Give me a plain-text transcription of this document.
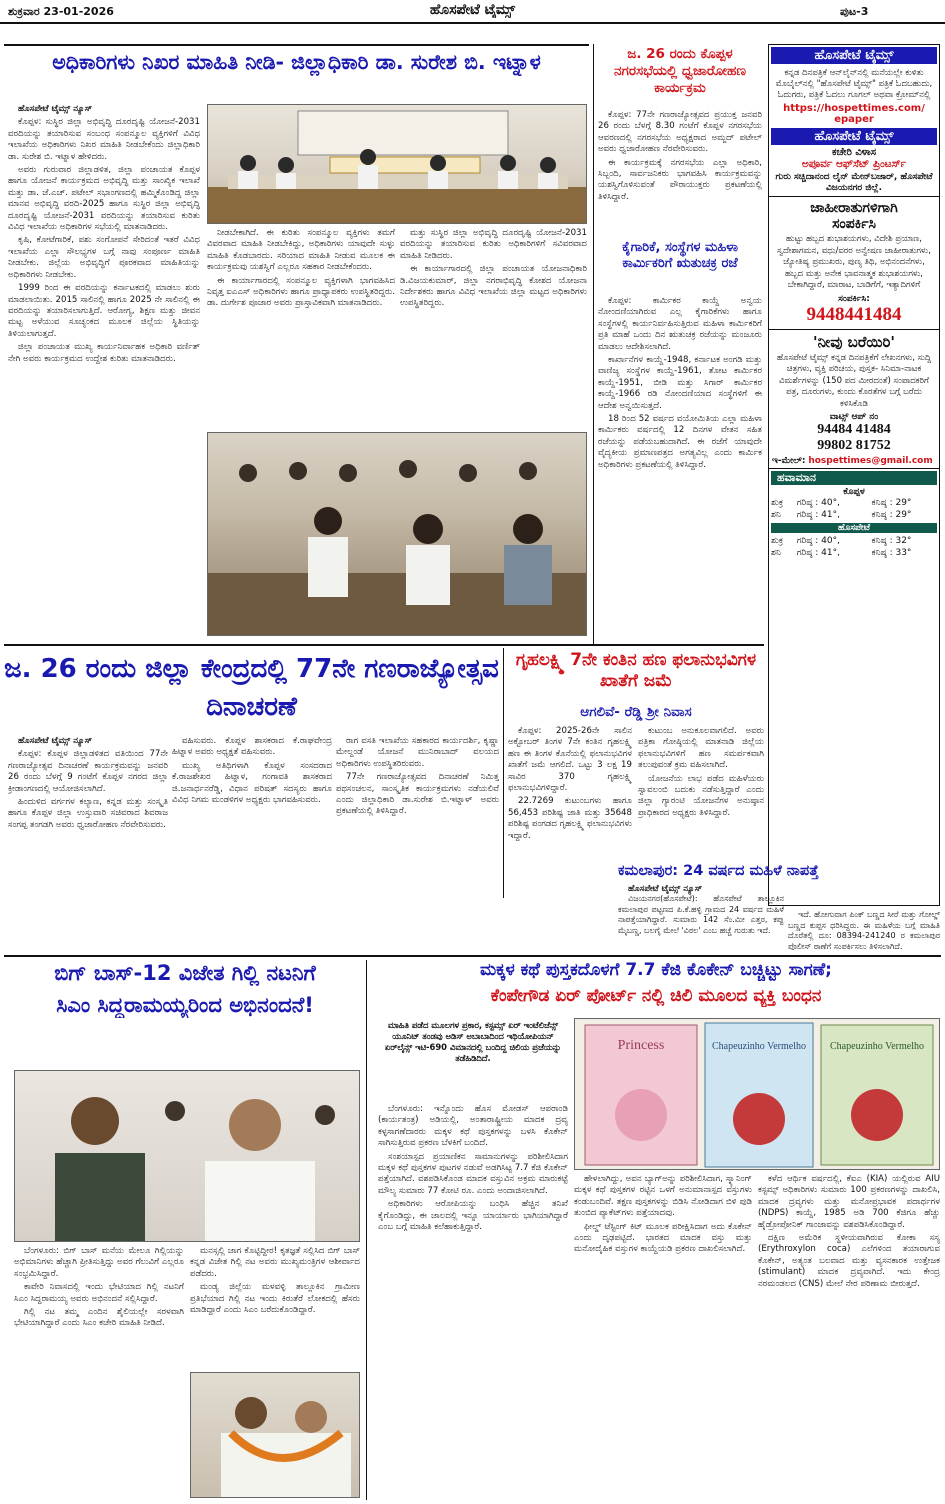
ಶುಕ್ರವಾರ 23-01-2026	ಹೊಸಪೇಟೆ ಟೈಮ್ಸ್	ಪುಟ-3
ಅಧಿಕಾರಿಗಳು ನಿಖರ ಮಾಹಿತಿ ನೀಡಿ- ಜಿಲ್ಲಾಧಿಕಾರಿ ಡಾ. ಸುರೇಶ ಬಿ. ಇಟ್ನಾಳ

ಹೊಸಪೇಟೆ ಟೈಮ್ಸ್ ನ್ಯೂಸ್

ಕೊಪ್ಪಳ: ಸುಸ್ಥಿರ ಜಿಲ್ಲಾ ಅಭಿವೃದ್ಧಿ ದೂರದೃಷ್ಟಿ ಯೋಜನೆ-2031 ವರದಿಯನ್ನು ತಯಾರಿಸುವ ಸಂಬಂಧ ಸಂಪನ್ಮೂಲ ವ್ಯಕ್ತಿಗಳಿಗೆ ವಿವಿಧ ಇಲಾಖೆಯ ಅಧಿಕಾರಿಗಳು ನಿಖರ ಮಾಹಿತಿ ನೀಡಬೇಕೆಂದು ಜಿಲ್ಲಾಧಿಕಾರಿ ಡಾ. ಸುರೇಶ ಬಿ. ಇಟ್ನಾಳ ಹೇಳಿದರು.

ಅವರು ಗುರುವಾರ ಜಿಲ್ಲಾಡಳಿತ, ಜಿಲ್ಲಾ ಪಂಚಾಯತ ಕೊಪ್ಪಳ ಹಾಗೂ ಯೋಜನೆ ಕಾರ್ಯಕ್ರಮದ ಅಭಿವೃದ್ಧಿ ಮತ್ತು ಸಾಂಖ್ಯಿಕ ಇಲಾಖೆ ಮತ್ತು ಡಾ. ಜೆ.ಎಚ್. ಪಟೇಲ್ ಸಭಾಂಗಣದಲ್ಲಿ ಹಮ್ಮಿಕೊಂಡಿದ್ದ ಜಿಲ್ಲಾ ಮಾನವ ಅಭಿವೃದ್ಧಿ ವರದಿ-2025 ಹಾಗೂ ಸುಸ್ಥಿರ ಜಿಲ್ಲಾ ಅಭಿವೃದ್ಧಿ ದೂರದೃಷ್ಟಿ ಯೋಜನೆ-2031 ವರದಿಯನ್ನು ತಯಾರಿಸುವ ಕುರಿತು ವಿವಿಧ ಇಲಾಖೆಯ ಅಧಿಕಾರಿಗಳ ಸಭೆಯಲ್ಲಿ ಮಾತನಾಡಿದರು.

ಕೃಷಿ, ಕೋಟೆಗಾರಿಕೆ, ಪಶು ಸಂಗೋಪನೆ ಸೇರಿದಂತೆ ಇತರೆ ವಿವಿಧ ಇಲಾಖೆಯ ಎಲ್ಲಾ ಸೌಲಭ್ಯಗಳ ಬಗ್ಗೆ ನಾವು ಸಂಪೂರ್ಣ ಮಾಹಿತಿ ನೀಡಬೇಕು. ಜಿಲ್ಲೆಯ ಅಭಿವೃದ್ಧಿಗೆ ಪೂರಕವಾದ ಮಾಹಿತಿಯನ್ನು ಅಧಿಕಾರಿಗಳು ನೀಡಬೇಕು.

1999 ರಿಂದ ಈ ವರದಿಯನ್ನು ಕರ್ನಾಟಕದಲ್ಲಿ ಮಾಡಲು ಶುರು ಮಾಡಲಾಯಿತು. 2015 ಸಾಲಿನಲ್ಲಿ ಹಾಗೂ 2025 ನೇ ಸಾಲಿನಲ್ಲಿ ಈ ವರದಿಯನ್ನು ತಯಾರಿಸಲಾಗುತ್ತಿದೆ. ಆರೋಗ್ಯ, ಶಿಕ್ಷಣ ಮತ್ತು ಜೀವನ ಮಟ್ಟ ಅಳೆಯುವ ಸೂಚ್ಯಂಕದ ಮೂಲಕ ಜಿಲ್ಲೆಯ ಸ್ಥಿತಿಯನ್ನು ತಿಳಿಯಲಾಗುತ್ತದೆ.

ಜಿಲ್ಲಾ ಪಂಚಾಯತ ಮುಖ್ಯ ಕಾರ್ಯನಿರ್ವಾಹಕ ಅಧಿಕಾರಿ ವರ್ಣಿತ್ ನೇಗಿ ಅವರು ಕಾರ್ಯಕ್ರಮದ ಉದ್ದೇಶ ಕುರಿತು ಮಾತನಾಡಿದರು.

ನೀಡಬೇಕಾಗಿದೆ. ಈ ಕುರಿತು ಸಂಪನ್ಮೂಲ ವ್ಯಕ್ತಿಗಳು ತಮಗೆ ವಿವರವಾದ ಮಾಹಿತಿ ನೀಡಬೇಕಿದ್ದು, ಅಧಿಕಾರಿಗಳು ಯಾವುದೇ ಸುಳ್ಳು ಮಾಹಿತಿ ಕೊಡಬಾರದು. ಸರಿಯಾದ ಮಾಹಿತಿ ನೀಡುವ ಮೂಲಕ ಈ ಕಾರ್ಯಕ್ರಮವು ಯಶಸ್ವಿಗೆ ಎಲ್ಲರೂ ಸಹಕಾರ ನೀಡಬೇಕೆಂದರು.

ಈ ಕಾರ್ಯಾಗಾರದಲ್ಲಿ ಸಂಪನ್ಮೂಲ ವ್ಯಕ್ತಿಗಳಾಗಿ ಭಾಗವಹಿಸಿದ ನಿವೃತ್ತ ಐಎಎಸ್ ಅಧಿಕಾರಿಗಳು ಹಾಗೂ ಪ್ರಾಧ್ಯಾಪಕರು ಉಪಸ್ಥಿತರಿದ್ದರು. ಡಾ. ದುರ್ಗೇಶ ಪೂಜಾರ ಅವರು ಪ್ರಾಸ್ತಾವಿಕವಾಗಿ ಮಾತನಾಡಿದರು.

ಮತ್ತು ಸುಸ್ಥಿರ ಜಿಲ್ಲಾ ಅಭಿವೃದ್ಧಿ ದೂರದೃಷ್ಟಿ ಯೋಜನೆ-2031 ವರದಿಯನ್ನು ತಯಾರಿಸುವ ಕುರಿತು ಅಧಿಕಾರಿಗಳಿಗೆ ಸವಿವರವಾದ ಮಾಹಿತಿ ನೀಡಿದರು.

ಈ ಕಾರ್ಯಾಗಾರದಲ್ಲಿ ಜಿಲ್ಲಾ ಪಂಚಾಯತ ಯೋಜನಾಧಿಕಾರಿ ಡಿ.ವಿಜಯಕುಮಾರ್, ಜಿಲ್ಲಾ ನಗರಾಭಿವೃದ್ಧಿ ಕೋಶದ ಯೋಜನಾ ನಿರ್ದೇಶಕರು ಹಾಗೂ ವಿವಿಧ ಇಲಾಖೆಯ ಜಿಲ್ಲಾ ಮಟ್ಟದ ಅಧಿಕಾರಿಗಳು ಉಪಸ್ಥಿತರಿದ್ದರು.

ಜ. 26 ರಂದು ಕೊಪ್ಪಳ ನಗರಸಭೆಯಲ್ಲಿ ಧ್ವಜಾರೋಹಣ ಕಾರ್ಯಕ್ರಮ

ಕೊಪ್ಪಳ: 77ನೇ ಗಣರಾಜ್ಯೋತ್ಸವದ ಪ್ರಯುಕ್ತ ಜನವರಿ 26 ರಂದು ಬೆಳಗ್ಗೆ 8.30 ಗಂಟೆಗೆ ಕೊಪ್ಪಳ ನಗರಸಭೆಯ ಆವರಣದಲ್ಲಿ ನಗರಸಭೆಯ ಅಧ್ಯಕ್ಷರಾದ ಅಮ್ಜದ್ ಪಟೇಲ್ ಅವರು ಧ್ವಜಾರೋಹಣ ನೆರವೇರಿಸುವರು.

ಈ ಕಾರ್ಯಕ್ರಮಕ್ಕೆ ನಗರಸಭೆಯ ಎಲ್ಲಾ ಅಧಿಕಾರಿ, ಸಿಬ್ಬಂದಿ, ಸಾರ್ವಜನಿಕರು ಭಾಗವಹಿಸಿ ಕಾರ್ಯಕ್ರಮವನ್ನು ಯಶಸ್ವಿಗೊಳಿಸುವಂತೆ ಪೌರಾಯುಕ್ತರು ಪ್ರಕಟಣೆಯಲ್ಲಿ ತಿಳಿಸಿದ್ದಾರೆ.

ಕೈಗಾರಿಕೆ, ಸಂಸ್ಥೆಗಳ ಮಹಿಳಾ ಕಾರ್ಮಿಕರಿಗೆ ಋತುಚಕ್ರ ರಜೆ

ಕೊಪ್ಪಳ: ಕಾರ್ಮಿಕರ ಕಾಯ್ದೆ ಅನ್ವಯ ನೋಂದಣಿಯಾಗಿರುವ ಎಲ್ಲ ಕೈಗಾರಿಕೆಗಳು ಹಾಗೂ ಸಂಸ್ಥೆಗಳಲ್ಲಿ ಕಾರ್ಯನಿರ್ವಹಿಸುತ್ತಿರುವ ಮಹಿಳಾ ಕಾರ್ಮಿಕರಿಗೆ ಪ್ರತಿ ಮಾಹೆ ಒಂದು ದಿನ ಋತುಚಕ್ರ ರಜೆಯನ್ನು ಮಂಜೂರು ಮಾಡಲು ಆದೇಶಿಸಲಾಗಿದೆ.

ಕಾರ್ಖಾನೆಗಳ ಕಾಯ್ದೆ-1948, ಕರ್ನಾಟಕ ಅಂಗಡಿ ಮತ್ತು ವಾಣಿಜ್ಯ ಸಂಸ್ಥೆಗಳ ಕಾಯ್ದೆ-1961, ತೋಟ ಕಾರ್ಮಿಕರ ಕಾಯ್ದೆ-1951, ಬೀಡಿ ಮತ್ತು ಸಿಗಾರ್ ಕಾರ್ಮಿಕರ ಕಾಯ್ದೆ-1966 ರಡಿ ನೋಂದಣಿಯಾದ ಸಂಸ್ಥೆಗಳಿಗೆ ಈ ಆದೇಶ ಅನ್ವಯಿಸುತ್ತದೆ.

18 ರಿಂದ 52 ವರ್ಷದ ವಯೋಮಿತಿಯ ಎಲ್ಲಾ ಮಹಿಳಾ ಕಾರ್ಮಿಕರು ವರ್ಷದಲ್ಲಿ 12 ದಿನಗಳ ವೇತನ ಸಹಿತ ರಜೆಯನ್ನು ಪಡೆಯಬಹುದಾಗಿದೆ. ಈ ರಜೆಗೆ ಯಾವುದೇ ವೈದ್ಯಕೀಯ ಪ್ರಮಾಣಪತ್ರದ ಅಗತ್ಯವಿಲ್ಲ ಎಂದು ಕಾರ್ಮಿಕ ಅಧಿಕಾರಿಗಳು ಪ್ರಕಟಣೆಯಲ್ಲಿ ತಿಳಿಸಿದ್ದಾರೆ.

ಹೊಸಪೇಟೆ ಟೈಮ್ಸ್
ಕನ್ನಡ ದಿನಪತ್ರಿಕೆ ಆನ್‌ಲೈನ್‌ನಲ್ಲಿ ಮನೆಯಲ್ಲೇ ಕುಳಿತು ಮೊಬೈಲ್‌ನಲ್ಲಿ "ಹೊಸಪೇಟೆ ಟೈಮ್ಸ್" ಪತ್ರಿಕೆ ಓದಬಹುದು, ಓದುಗರು, ಪತ್ರಿಕೆ ಓದಲು ಗೂಗಲ್ ಅಥವಾ ಕ್ರೋಮ್‌ನಲ್ಲಿ
https://hospettimes.com/
epaper
ಹೊಸಪೇಟೆ ಟೈಮ್ಸ್
ಕಚೇರಿ ವಿಳಾಸ
ಅಪೂರ್ವ ಆಫ್‌ಸೆಟ್ ಪ್ರಿಂಟರ್ಸ್
ಗುರು ಸಚ್ಚಿದಾನಂದ ಲೈನ್ ಮೇನ್‌ಬಜಾರ್, ಹೊಸಪೇಟೆ
ವಿಜಯನಗರ ಜಿಲ್ಲೆ.
ಜಾಹೀರಾತುಗಳಿಗಾಗಿ
ಸಂಪರ್ಕಿಸಿ
ಹುಟ್ಟು ಹಬ್ಬದ ಶುಭಾಶಯಗಳು, ವಿದೇಶಿ ಪ್ರಯಾಣ, ಸ್ವದೇಶಾಗಮನ, ವಧು/ವರರ ಅನ್ವೇಷಣ ಜಾಹೀರಾತುಗಳು, ಜ್ಯೋತಿಷ್ಯ ಪ್ರಮುಖರು, ಪುಣ್ಯ ತಿಥಿ, ಅಭಿನಂದನೆಗಳು, ಹಬ್ಬದ ಮತ್ತು ಅನೇಕ ಭಾವನಾತ್ಮಕ ಶುಭಾಶಯಗಳು, ಬೇಕಾಗಿದ್ದಾರೆ, ಮಾರಾಟ, ಬಾಡಿಗೆಗೆ, ಇತ್ಯಾದಿಗಳಿಗೆ
ಸಂಪರ್ಕಿಸಿ:
9448441484
'ನೀವು ಬರೆಯಿರಿ'
ಹೊಸಪೇಟೆ ಟೈಮ್ಸ್ ಕನ್ನಡ ದಿನಪತ್ರಿಕೆಗೆ ಲೇಖನಗಳು, ಸುದ್ದಿ ಚಿತ್ರಗಳು, ವ್ಯಕ್ತಿ ಪರಿಚಯ, ಪುಸ್ತಕ- ಸಿನಿಮಾ-ನಾಟಕ ವಿಮರ್ಶೆಗಳನ್ನು (150 ಪದ ಮೀರದಂತೆ) ಸಂಪಾದಕರಿಗೆ ಪತ್ರ, ದೂರುಗಳು, ಕುಂದು ಕೊರತೆಗಳ ಬಗ್ಗೆ ಬರೆದು ಕಳಿಸಿಕೊಡಿ
ವಾಟ್ಸ್ ಆಪ್ ನಂ
94484 41484
99802 81752
ಇ-ಮೇಲ್: hospettimes@gmail.com
ಹವಾಮಾನ
ಕೊಪ್ಪಳ
ಶುಕ್ರ	ಗರಿಷ್ಠ : 40°,	ಕನಿಷ್ಠ : 29°
ಶನಿ	ಗರಿಷ್ಠ : 41°,	ಕನಿಷ್ಠ : 29°
ಹೊಸಪೇಟೆ
ಶುಕ್ರ	ಗರಿಷ್ಠ : 40°,	ಕನಿಷ್ಠ : 32°
ಶನಿ	ಗರಿಷ್ಠ : 41°,	ಕನಿಷ್ಠ : 33°
ಜ. 26 ರಂದು ಜಿಲ್ಲಾ ಕೇಂದ್ರದಲ್ಲಿ 77ನೇ ಗಣರಾಜ್ಯೋತ್ಸವ ದಿನಾಚರಣೆ

ಹೊಸಪೇಟೆ ಟೈಮ್ಸ್ ನ್ಯೂಸ್

ಕೊಪ್ಪಳ: ಕೊಪ್ಪಳ ಜಿಲ್ಲಾಡಳಿತದ ವತಿಯಿಂದ 77ನೇ ಗಣರಾಜ್ಯೋತ್ಸವ ದಿನಾಚರಣೆ ಕಾರ್ಯಕ್ರಮವನ್ನು ಜನವರಿ 26 ರಂದು ಬೆಳಗ್ಗೆ 9 ಗಂಟೆಗೆ ಕೊಪ್ಪಳ ನಗರದ ಜಿಲ್ಲಾ ಕ್ರೀಡಾಂಗಣದಲ್ಲಿ ಆಯೋಜಿಸಲಾಗಿದೆ.

ಹಿಂದುಳಿದ ವರ್ಗಗಳ ಕಲ್ಯಾಣ, ಕನ್ನಡ ಮತ್ತು ಸಂಸ್ಕೃತಿ ಹಾಗೂ ಕೊಪ್ಪಳ ಜಿಲ್ಲಾ ಉಸ್ತುವಾರಿ ಸಚಿವರಾದ ಶಿವರಾಜ ಸಂಗಪ್ಪ ತಂಗಡಗಿ ಅವರು ಧ್ವಜಾರೋಹಣ ನೆರವೇರಿಸುವರು.

ವಹಿಸುವರು. ಕೊಪ್ಪಳ ಶಾಸಕರಾದ ಕೆ.ರಾಘವೇಂದ್ರ ಹಿಟ್ನಾಳ ಅವರು ಅಧ್ಯಕ್ಷತೆ ವಹಿಸುವರು.

ಮುಖ್ಯ ಅತಿಥಿಗಳಾಗಿ ಕೊಪ್ಪಳ ಸಂಸದರಾದ ಕೆ.ರಾಜಶೇಖರ ಹಿಟ್ನಾಳ, ಗಂಗಾವತಿ ಶಾಸಕರಾದ ಜಿ.ಜನಾರ್ಧನರೆಡ್ಡಿ, ವಿಧಾನ ಪರಿಷತ್ ಸದಸ್ಯರು ಹಾಗೂ ವಿವಿಧ ನಿಗಮ ಮಂಡಳಿಗಳ ಅಧ್ಯಕ್ಷರು ಭಾಗವಹಿಸುವರು.

ರಾಗ ವಸತಿ ಇಲಾಖೆಯ ಸಹಕಾರದ ಕಾರ್ಯದರ್ಶಿ, ಕೃಷ್ಣಾ ಮೇಲ್ದಂಡೆ ಯೋಜನೆ ಮುನಿರಾಬಾದ್ ವಲಯದ ಅಧಿಕಾರಿಗಳು ಉಪಸ್ಥಿತರಿರುವರು.

77ನೇ ಗಣರಾಜ್ಯೋತ್ಸವದ ದಿನಾಚರಣೆ ನಿಮಿತ್ತ ಪಥಸಂಚಲನ, ಸಾಂಸ್ಕೃತಿಕ ಕಾರ್ಯಕ್ರಮಗಳು ನಡೆಯಲಿವೆ ಎಂದು ಜಿಲ್ಲಾಧಿಕಾರಿ ಡಾ.ಸುರೇಶ ಬಿ.ಇಟ್ನಾಳ್ ಅವರು ಪ್ರಕಟಣೆಯಲ್ಲಿ ತಿಳಿಸಿದ್ದಾರೆ.

ಗೃಹಲಕ್ಷ್ಮಿ 7ನೇ ಕಂತಿನ ಹಣ ಫಲಾನುಭವಿಗಳ ಖಾತೆಗೆ ಜಮೆ
ಆಗಲಿವೆ- ರೆಡ್ಡಿ ಶ್ರೀ ನಿವಾಸ

ಕೊಪ್ಪಳ: 2025-26ನೇ ಸಾಲಿನ ಅಕ್ಟೋಬರ್ ತಿಂಗಳ 7ನೇ ಕಂತಿನ ಗೃಹಲಕ್ಷ್ಮಿ ಹಣ ಈ ತಿಂಗಳ ಕೊನೆಯಲ್ಲಿ ಫಲಾನುಭವಿಗಳ ಖಾತೆಗೆ ಜಮೆ ಆಗಲಿದೆ. ಒಟ್ಟು 3 ಲಕ್ಷ 19 ಸಾವಿರ 370 ಗೃಹಲಕ್ಷ್ಮಿ ಫಲಾನುಭವಿಗಳಿದ್ದಾರೆ.

22.7269 ಕುಟುಂಬಗಳು ಹಾಗೂ 56,453 ಪರಿಶಿಷ್ಟ ಜಾತಿ ಮತ್ತು 35648 ಪರಿಶಿಷ್ಟ ಪಂಗಡದ ಗೃಹಲಕ್ಷ್ಮಿ ಫಲಾನುಭವಿಗಳು ಇದ್ದಾರೆ.

ಕುಟುಂಬ ಅನುಕೂಲವಾಗಲಿದೆ. ಅವರು ಪತ್ರಿಕಾ ಗೋಷ್ಠಿಯಲ್ಲಿ ಮಾತನಾಡಿ ಜಿಲ್ಲೆಯ ಫಲಾನುಭವಿಗಳಿಗೆ ಹಣ ಸಮರ್ಪಕವಾಗಿ ತಲುಪುವಂತೆ ಕ್ರಮ ವಹಿಸಲಾಗಿದೆ.

ಯೋಜನೆಯ ಲಾಭ ಪಡೆದ ಮಹಿಳೆಯರು ಸ್ವಾವಲಂಬಿ ಬದುಕು ನಡೆಸುತ್ತಿದ್ದಾರೆ ಎಂದು ಜಿಲ್ಲಾ ಗ್ಯಾರಂಟಿ ಯೋಜನೆಗಳ ಅನುಷ್ಠಾನ ಪ್ರಾಧಿಕಾರದ ಅಧ್ಯಕ್ಷರು ತಿಳಿಸಿದ್ದಾರೆ.

ಕಮಲಾಪುರ: 24 ವರ್ಷದ ಮಹಿಳೆ ನಾಪತ್ತೆ

ಹೊಸಪೇಟೆ ಟೈಮ್ಸ್ ನ್ಯೂಸ್

ವಿಜಯನಗರ(ಹೊಸಪೇಟೆ): ಹೊಸಪೇಟೆ ತಾಲ್ಲೂಕಿನ ಕಮಲಾಪುರ ಪಟ್ಟಣದ ಪಿ.ಕೆ.ಹಳ್ಳಿ ಗ್ರಾಮದ 24 ವರ್ಷದ ಮಹಿಳೆ ನಾಪತ್ತೆಯಾಗಿದ್ದಾರೆ. ಸುಮಾರು 142 ಸೆಂ.ಮೀ ಎತ್ತರ, ಕಪ್ಪು ಮೈಬಣ್ಣ, ಬಲಗೈ ಮೇಲೆ 'ವಿಠಲ' ಎಂಬ ಹಚ್ಚೆ ಗುರುತು ಇದೆ.

ಇದೆ. ಹೋಗುವಾಗ ಪಿಂಕ್ ಬಣ್ಣದ ಸೀರೆ ಮತ್ತು ಗೋಲ್ಡ್ ಬಣ್ಣದ ಕುಪ್ಪಸ ಧರಿಸಿದ್ದರು. ಈ ಮಹಿಳೆಯ ಬಗ್ಗೆ ಮಾಹಿತಿ ದೊರೆತಲ್ಲಿ ದೂ: 08394-241240 ರ ಕಮಲಾಪುರ ಪೊಲೀಸ್ ಠಾಣೆಗೆ ಸಂಪರ್ಕಿಸಲು ತಿಳಿಸಲಾಗಿದೆ.

ಬಿಗ್ ಬಾಸ್-12 ವಿಜೇತ ಗಿಲ್ಲಿ ನಟನಿಗೆ
ಸಿಎಂ ಸಿದ್ದರಾಮಯ್ಯರಿಂದ ಅಭಿನಂದನೆ!

ಬೆಂಗಳೂರು: ಬಿಗ್ ಬಾಸ್ ಮನೆಯ ಮೇಲೂ ಗಿಲ್ಲಿಯನ್ನು ಅಭಿಮಾನಿಗಳು ಹೆಚ್ಚಾಗಿ ಪ್ರೀತಿಸುತ್ತಿದ್ದು ಅವರ ಗೆಲುವಿಗೆ ಎಲ್ಲರೂ ಸಂಭ್ರಮಿಸಿದ್ದಾರೆ.

ಕಾವೇರಿ ನಿವಾಸದಲ್ಲಿ ಇಂದು ಭೇಟಿಯಾದ ಗಿಲ್ಲಿ ನಟನಿಗೆ ಸಿಎಂ ಸಿದ್ದರಾಮಯ್ಯ ಅವರು ಅಭಿನಂದನೆ ಸಲ್ಲಿಸಿದ್ದಾರೆ.

ಗಿಲ್ಲಿ ನಟ ತಮ್ಮ ಎಂದಿನ ಶೈಲಿಯಲ್ಲೇ ಸರಳವಾಗಿ ಭೇಟಿಯಾಗಿದ್ದಾರೆ ಎಂದು ಸಿಎಂ ಕಚೇರಿ ಮಾಹಿತಿ ನೀಡಿದೆ.

ಮನಸ್ಸಲ್ಲಿ ಜಾಗ ಕೊಟ್ಟಿದ್ದೀರ! ಕೃತಜ್ಞತೆ ಸಲ್ಲಿಸಿದ ಬಿಗ್ ಬಾಸ್ ಕನ್ನಡ ವಿಜೇತ ಗಿಲ್ಲಿ ನಟ ಅವರು ಮುಖ್ಯಮಂತ್ರಿಗಳ ಆಶೀರ್ವಾದ ಪಡೆದರು.

ಮಂಡ್ಯ ಜಿಲ್ಲೆಯ ಮಳವಳ್ಳಿ ತಾಲ್ಲೂಕಿನ ಗ್ರಾಮೀಣ ಪ್ರತಿಭೆಯಾದ ಗಿಲ್ಲಿ ನಟ ಇಂದು ಕಿರುತೆರೆ ಲೋಕದಲ್ಲಿ ಹೆಸರು ಮಾಡಿದ್ದಾರೆ ಎಂದು ಸಿಎಂ ಬರೆದುಕೊಂಡಿದ್ದಾರೆ.

ಮಕ್ಕಳ ಕಥೆ ಪುಸ್ತಕದೊಳಗೆ 7.7 ಕೆಜಿ ಕೊಕೇನ್ ಬಚ್ಚಿಟ್ಟು ಸಾಗಣೆ;
ಕೆಂಪೇಗೌಡ ಏರ್ ಪೋರ್ಟ್ ನಲ್ಲಿ ಚಿಲಿ ಮೂಲದ ವ್ಯಕ್ತಿ ಬಂಧನ
ಮಾಹಿತಿ ಪಡೆದ ಮೂಲಗಳ ಪ್ರಕಾರ, ಕಸ್ಟಮ್ಸ್ ಏರ್ ಇಂಟೆಲಿಜೆನ್ಸ್ ಯೂನಿಟ್ ತಂಡವು ಅಡಿಸ್ ಅಬಾಬಾದಿಂದ ಇಥಿಯೋಪಿಯನ್ ಏರ್‌ಲೈನ್ಸ್ ಇಟಿ-690 ವಿಮಾನದಲ್ಲಿ ಬಂದಿದ್ದ ಚಿಲಿಯ ಪ್ರಜೆಯನ್ನು ತಡೆಹಿಡಿದಿದೆ.
Princess	Chapeuzinho Vermelho Chapeuzinho Vermelho

ಬೆಂಗಳೂರು: ಇನ್ನೊಂದು ಹೊಸ ಮೋಡಸ್ ಆಪರಾಂಡಿ (ಕಾರ್ಯತಂತ್ರ) ಅಡಿಯಲ್ಲಿ, ಅಂತಾರಾಷ್ಟ್ರೀಯ ಮಾದಕ ದ್ರವ್ಯ ಕಳ್ಳಸಾಗಣೆದಾರರು ಮಕ್ಕಳ ಕಥೆ ಪುಸ್ತಕಗಳನ್ನು ಬಳಸಿ ಕೊಕೇನ್ ಸಾಗಿಸುತ್ತಿರುವ ಪ್ರಕರಣ ಬೆಳಕಿಗೆ ಬಂದಿದೆ.

ಸಂಶಯಾಸ್ಪದ ಪ್ರಯಾಣಿಕನ ಸಾಮಾನುಗಳನ್ನು ಪರಿಶೀಲಿಸಿದಾಗ ಮಕ್ಕಳ ಕಥೆ ಪುಸ್ತಕಗಳ ಪುಟಗಳ ನಡುವೆ ಅಡಗಿಸಿಟ್ಟ 7.7 ಕೆಜಿ ಕೊಕೇನ್ ಪತ್ತೆಯಾಗಿದೆ. ವಶಪಡಿಸಿಕೊಂಡ ಮಾದಕ ವಸ್ತುವಿನ ಅಕ್ರಮ ಮಾರುಕಟ್ಟೆ ಮೌಲ್ಯ ಸುಮಾರು 77 ಕೋಟಿ ರೂ. ಎಂದು ಅಂದಾಜಿಸಲಾಗಿದೆ.

ಅಧಿಕಾರಿಗಳು ಆರೋಪಿಯನ್ನು ಬಂಧಿಸಿ ಹೆಚ್ಚಿನ ತನಿಖೆ ಕೈಗೊಂಡಿದ್ದು, ಈ ಜಾಲದಲ್ಲಿ ಇನ್ನೂ ಯಾರ್ಯಾರು ಭಾಗಿಯಾಗಿದ್ದಾರೆ ಎಂಬ ಬಗ್ಗೆ ಮಾಹಿತಿ ಕಲೆಹಾಕುತ್ತಿದ್ದಾರೆ.

ಹೇಳಲಾಗಿದ್ದು, ಅವನ ಬ್ಯಾಗ್‌ಅನ್ನು ಪರಿಶೀಲಿಸಿದಾಗ, ಸ್ಕ್ಯಾನಿಂಗ್ ಮಕ್ಕಳ ಕಥೆ ಪುಸ್ತಕಗಳ ರಟ್ಟಿನ ಒಳಗೆ ಅನುಮಾನಾಸ್ಪದ ವಸ್ತುಗಳು ಕಂಡುಬಂದಿವೆ. ತಕ್ಷಣ ಪುಸ್ತಕಗಳನ್ನು ಬಿಡಿಸಿ ನೋಡಿದಾಗ ಬಿಳಿ ಪುಡಿ ತುಂಬಿದ ಪ್ಯಾಕೆಟ್‌ಗಳು ಪತ್ತೆಯಾದವು.

ಫೀಲ್ಡ್ ಟೆಸ್ಟಿಂಗ್ ಕಿಟ್ ಮೂಲಕ ಪರೀಕ್ಷಿಸಿದಾಗ ಅದು ಕೊಕೇನ್ ಎಂದು ದೃಢಪಟ್ಟಿದೆ. ಭಾರತದ ಮಾದಕ ವಸ್ತು ಮತ್ತು ಮನೋದೈಹಿಕ ವಸ್ತುಗಳ ಕಾಯ್ದೆಯಡಿ ಪ್ರಕರಣ ದಾಖಲಿಸಲಾಗಿದೆ.

ಕಳೆದ ಆರ್ಥಿಕ ವರ್ಷದಲ್ಲಿ, ಕೆಐಎ (KIA) ಯಲ್ಲಿರುವ AIU ಕಸ್ಟಮ್ಸ್ ಅಧಿಕಾರಿಗಳು ಸುಮಾರು 100 ಪ್ರಕರಣಗಳನ್ನು ದಾಖಲಿಸಿ, ಮಾದಕ ದ್ರವ್ಯಗಳು ಮತ್ತು ಮನೋಪ್ರಭಾವಕ ಪದಾರ್ಥಗಳ (NDPS) ಕಾಯ್ದೆ, 1985 ಅಡಿ 700 ಕೆಜಿಗೂ ಹೆಚ್ಚು ಹೈಡ್ರೋಪೋನಿಕ್ ಗಾಂಜಾವನ್ನು ವಶಪಡಿಸಿಕೊಂಡಿದ್ದಾರೆ.

ದಕ್ಷಿಣ ಅಮೆರಿಕ ಸ್ಥಳೀಯವಾಗಿರುವ ಕೋಕಾ ಸಸ್ಯ (Erythroxylon coca) ಎಲೆಗಳಿಂದ ತಯಾರಾಗುವ ಕೊಕೇನ್, ಅತ್ಯಂತ ಬಲವಾದ ಮತ್ತು ವ್ಯಸನಕಾರಕ ಉತ್ತೇಜಕ (stimulant) ಮಾದಕ ದ್ರವ್ಯವಾಗಿದೆ. ಇದು ಕೇಂದ್ರ ನರಮಂಡಲದ (CNS) ಮೇಲೆ ನೇರ ಪರಿಣಾಮ ಬೀರುತ್ತದೆ.
